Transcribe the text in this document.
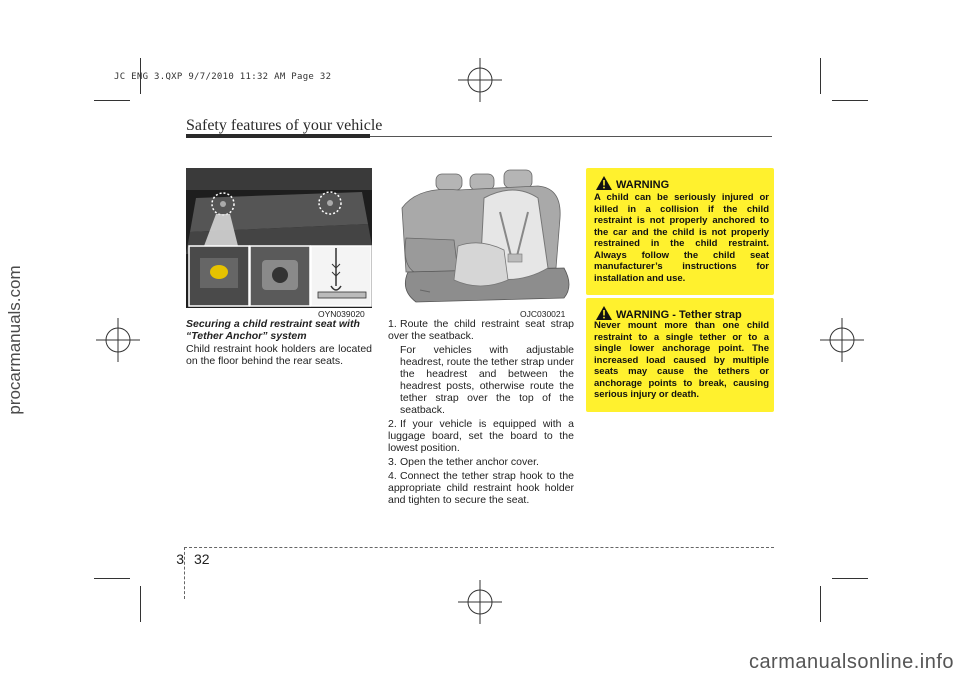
JC ENG 3.QXP 9/7/2010 11:32 AM Page 32
procarmanuals.com
carmanualsonline.info
Safety features of your vehicle
OYN039020	OJC030021
Securing a child restraint seat with “Tether Anchor” system
Child restraint hook holders are located on the floor behind the rear seats.

1. Route the child restraint seat strap over the seatback.

For vehicles with adjustable headrest, route the tether strap under the headrest and between the headrest posts, otherwise route the tether strap over the top of the seatback.

2. If your vehicle is equipped with a luggage board, set the board to the lowest position.

3. Open the tether anchor cover.

4. Connect the tether strap hook to the appropriate child restraint hook holder and tighten to secure the seat.

WARNING
A child can be seriously injured or killed in a collision if the child restraint is not properly anchored to the car and the child is not properly restrained in the child restraint. Always follow the child seat manufacturer’s instructions for installation and use.
WARNING - Tether strap
Never mount more than one child restraint to a single tether or to a single lower anchorage point. The increased load caused by multiple seats may cause the tethers or anchorage points to break, causing serious injury or death.
3 32
